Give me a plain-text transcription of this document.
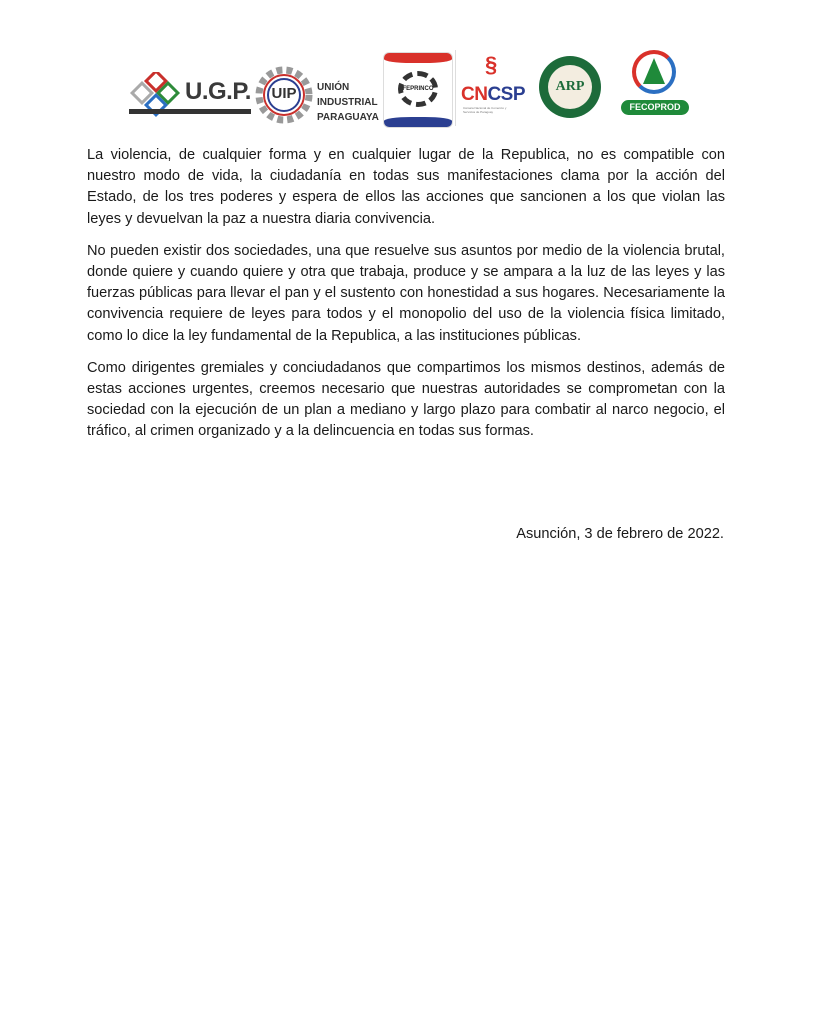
U.G.P.	UIP	UNIÓN
INDUSTRIAL
PARAGUAYA
FEPRINCO
§
CNCSP
Cámara Nacional de Comercio y Servicios de Paraguay
ARP
FECOPROD

La violencia, de cualquier forma y en cualquier lugar de la Republica, no es compatible con nuestro modo de vida, la ciudadanía en todas sus manifestaciones clama por la acción del Estado, de los tres poderes y espera de ellos las acciones que sancionen a los que violan las leyes y devuelvan la paz a nuestra diaria convivencia.

No pueden existir dos sociedades, una que resuelve sus asuntos por medio de la violencia brutal, donde quiere y cuando quiere y otra que trabaja, produce y se ampara a la luz de las leyes y las fuerzas públicas para llevar el pan y el sustento con honestidad a sus hogares. Necesariamente la convivencia requiere de leyes para todos y el monopolio del uso de la violencia física limitado, como lo dice la ley fundamental de la Republica, a las instituciones públicas.

Como dirigentes gremiales y conciudadanos que compartimos los mismos destinos, además de estas acciones urgentes, creemos necesario que nuestras autoridades se comprometan con la sociedad con la ejecución de un plan a mediano y largo plazo para combatir al narco negocio, el tráfico, al crimen organizado y a la delincuencia en todas sus formas.

Asunción, 3 de febrero de 2022.
